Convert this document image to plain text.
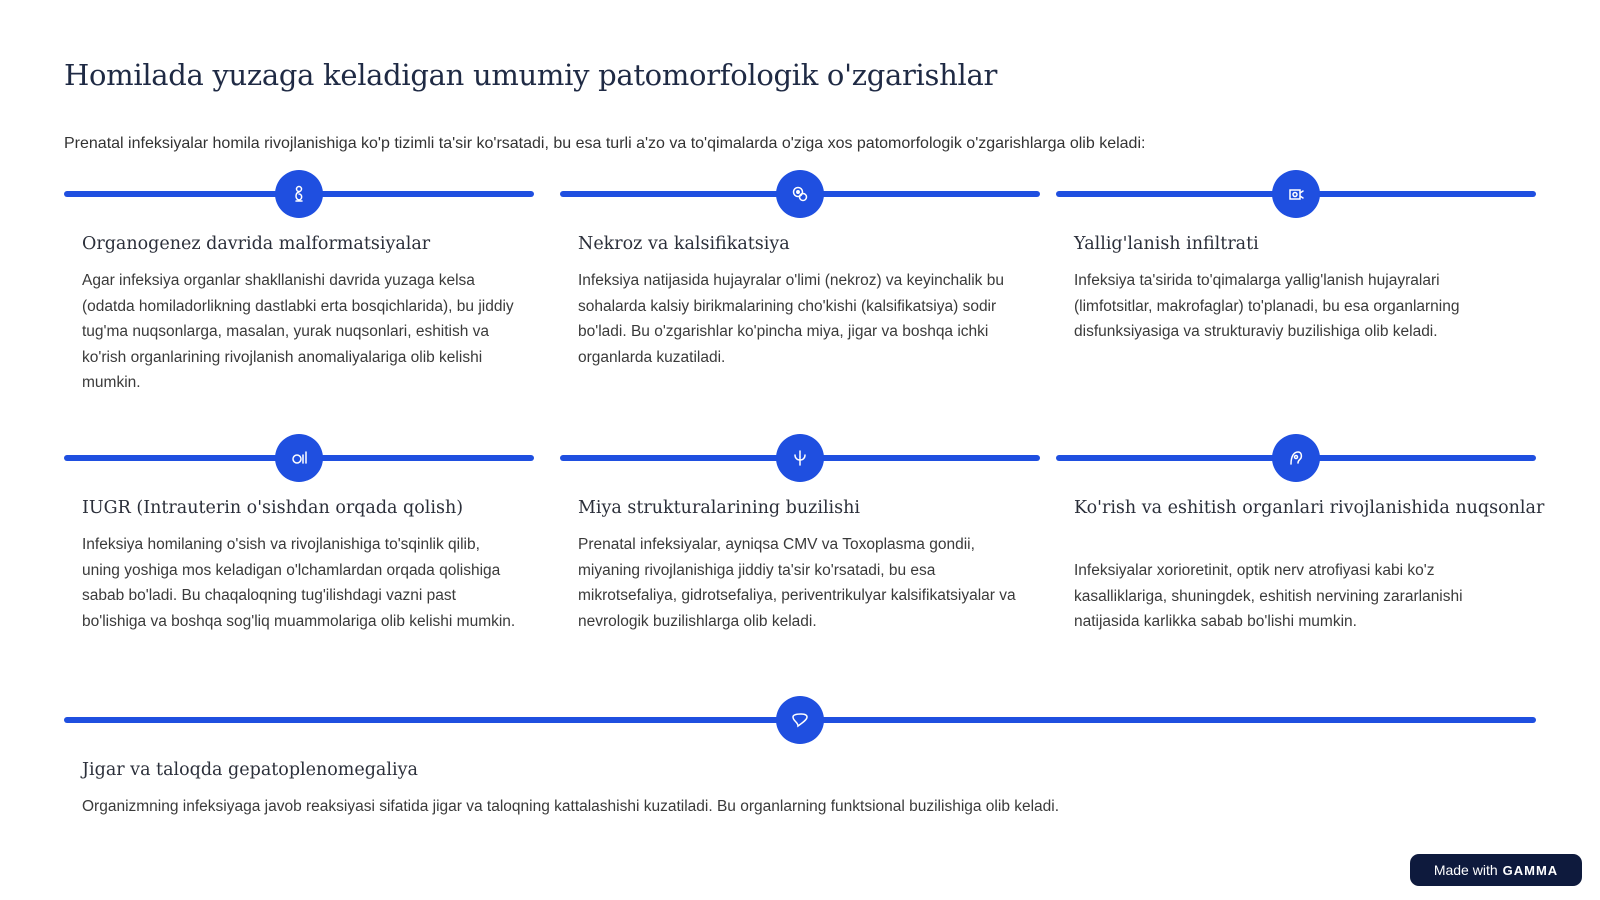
Homilada yuzaga keladigan umumiy patomorfologik o'zgarishlar
Prenatal infeksiyalar homila rivojlanishiga ko'p tizimli ta'sir ko'rsatadi, bu esa turli a'zo va to'qimalarda o'ziga xos patomorfologik o'zgarishlarga olib keladi:
Organogenez davrida malformatsiyalar

Agar infeksiya organlar shakllanishi davrida yuzaga kelsa (odatda homiladorlikning dastlabki erta bosqichlarida), bu jiddiy tug'ma nuqsonlarga, masalan, yurak nuqsonlari, eshitish va ko'rish organlarining rivojlanish anomaliyalariga olib kelishi mumkin.

Nekroz va kalsifikatsiya

Infeksiya natijasida hujayralar o'limi (nekroz) va keyinchalik bu sohalarda kalsiy birikmalarining cho'kishi (kalsifikatsiya) sodir bo'ladi. Bu o'zgarishlar ko'pincha miya, jigar va boshqa ichki organlarda kuzatiladi.

Yallig'lanish infiltrati

Infeksiya ta'sirida to'qimalarga yallig'lanish hujayralari (limfotsitlar, makrofaglar) to'planadi, bu esa organlarning disfunksiyasiga va strukturaviy buzilishiga olib keladi.

IUGR (Intrauterin o'sishdan orqada qolish)

Infeksiya homilaning o'sish va rivojlanishiga to'sqinlik qilib, uning yoshiga mos keladigan o'lchamlardan orqada qolishiga sabab bo'ladi. Bu chaqaloqning tug'ilishdagi vazni past bo'lishiga va boshqa sog'liq muammolariga olib kelishi mumkin.

Miya strukturalarining buzilishi

Prenatal infeksiyalar, ayniqsa CMV va Toxoplasma gondii, miyaning rivojlanishiga jiddiy ta'sir ko'rsatadi, bu esa mikrotsefaliya, gidrotsefaliya, periventrikulyar kalsifikatsiyalar va nevrologik buzilishlarga olib keladi.

Ko'rish va eshitish organlari rivojlanishida nuqsonlar

Infeksiyalar xorioretinit, optik nerv atrofiyasi kabi ko'z kasalliklariga, shuningdek, eshitish nervining zararlanishi natijasida karlikka sabab bo'lishi mumkin.

Jigar va taloqda gepatoplenomegaliya

Organizmning infeksiyaga javob reaksiyasi sifatida jigar va taloqning kattalashishi kuzatiladi. Bu organlarning funktsional buzilishiga olib keladi.

Made with GAMMA
